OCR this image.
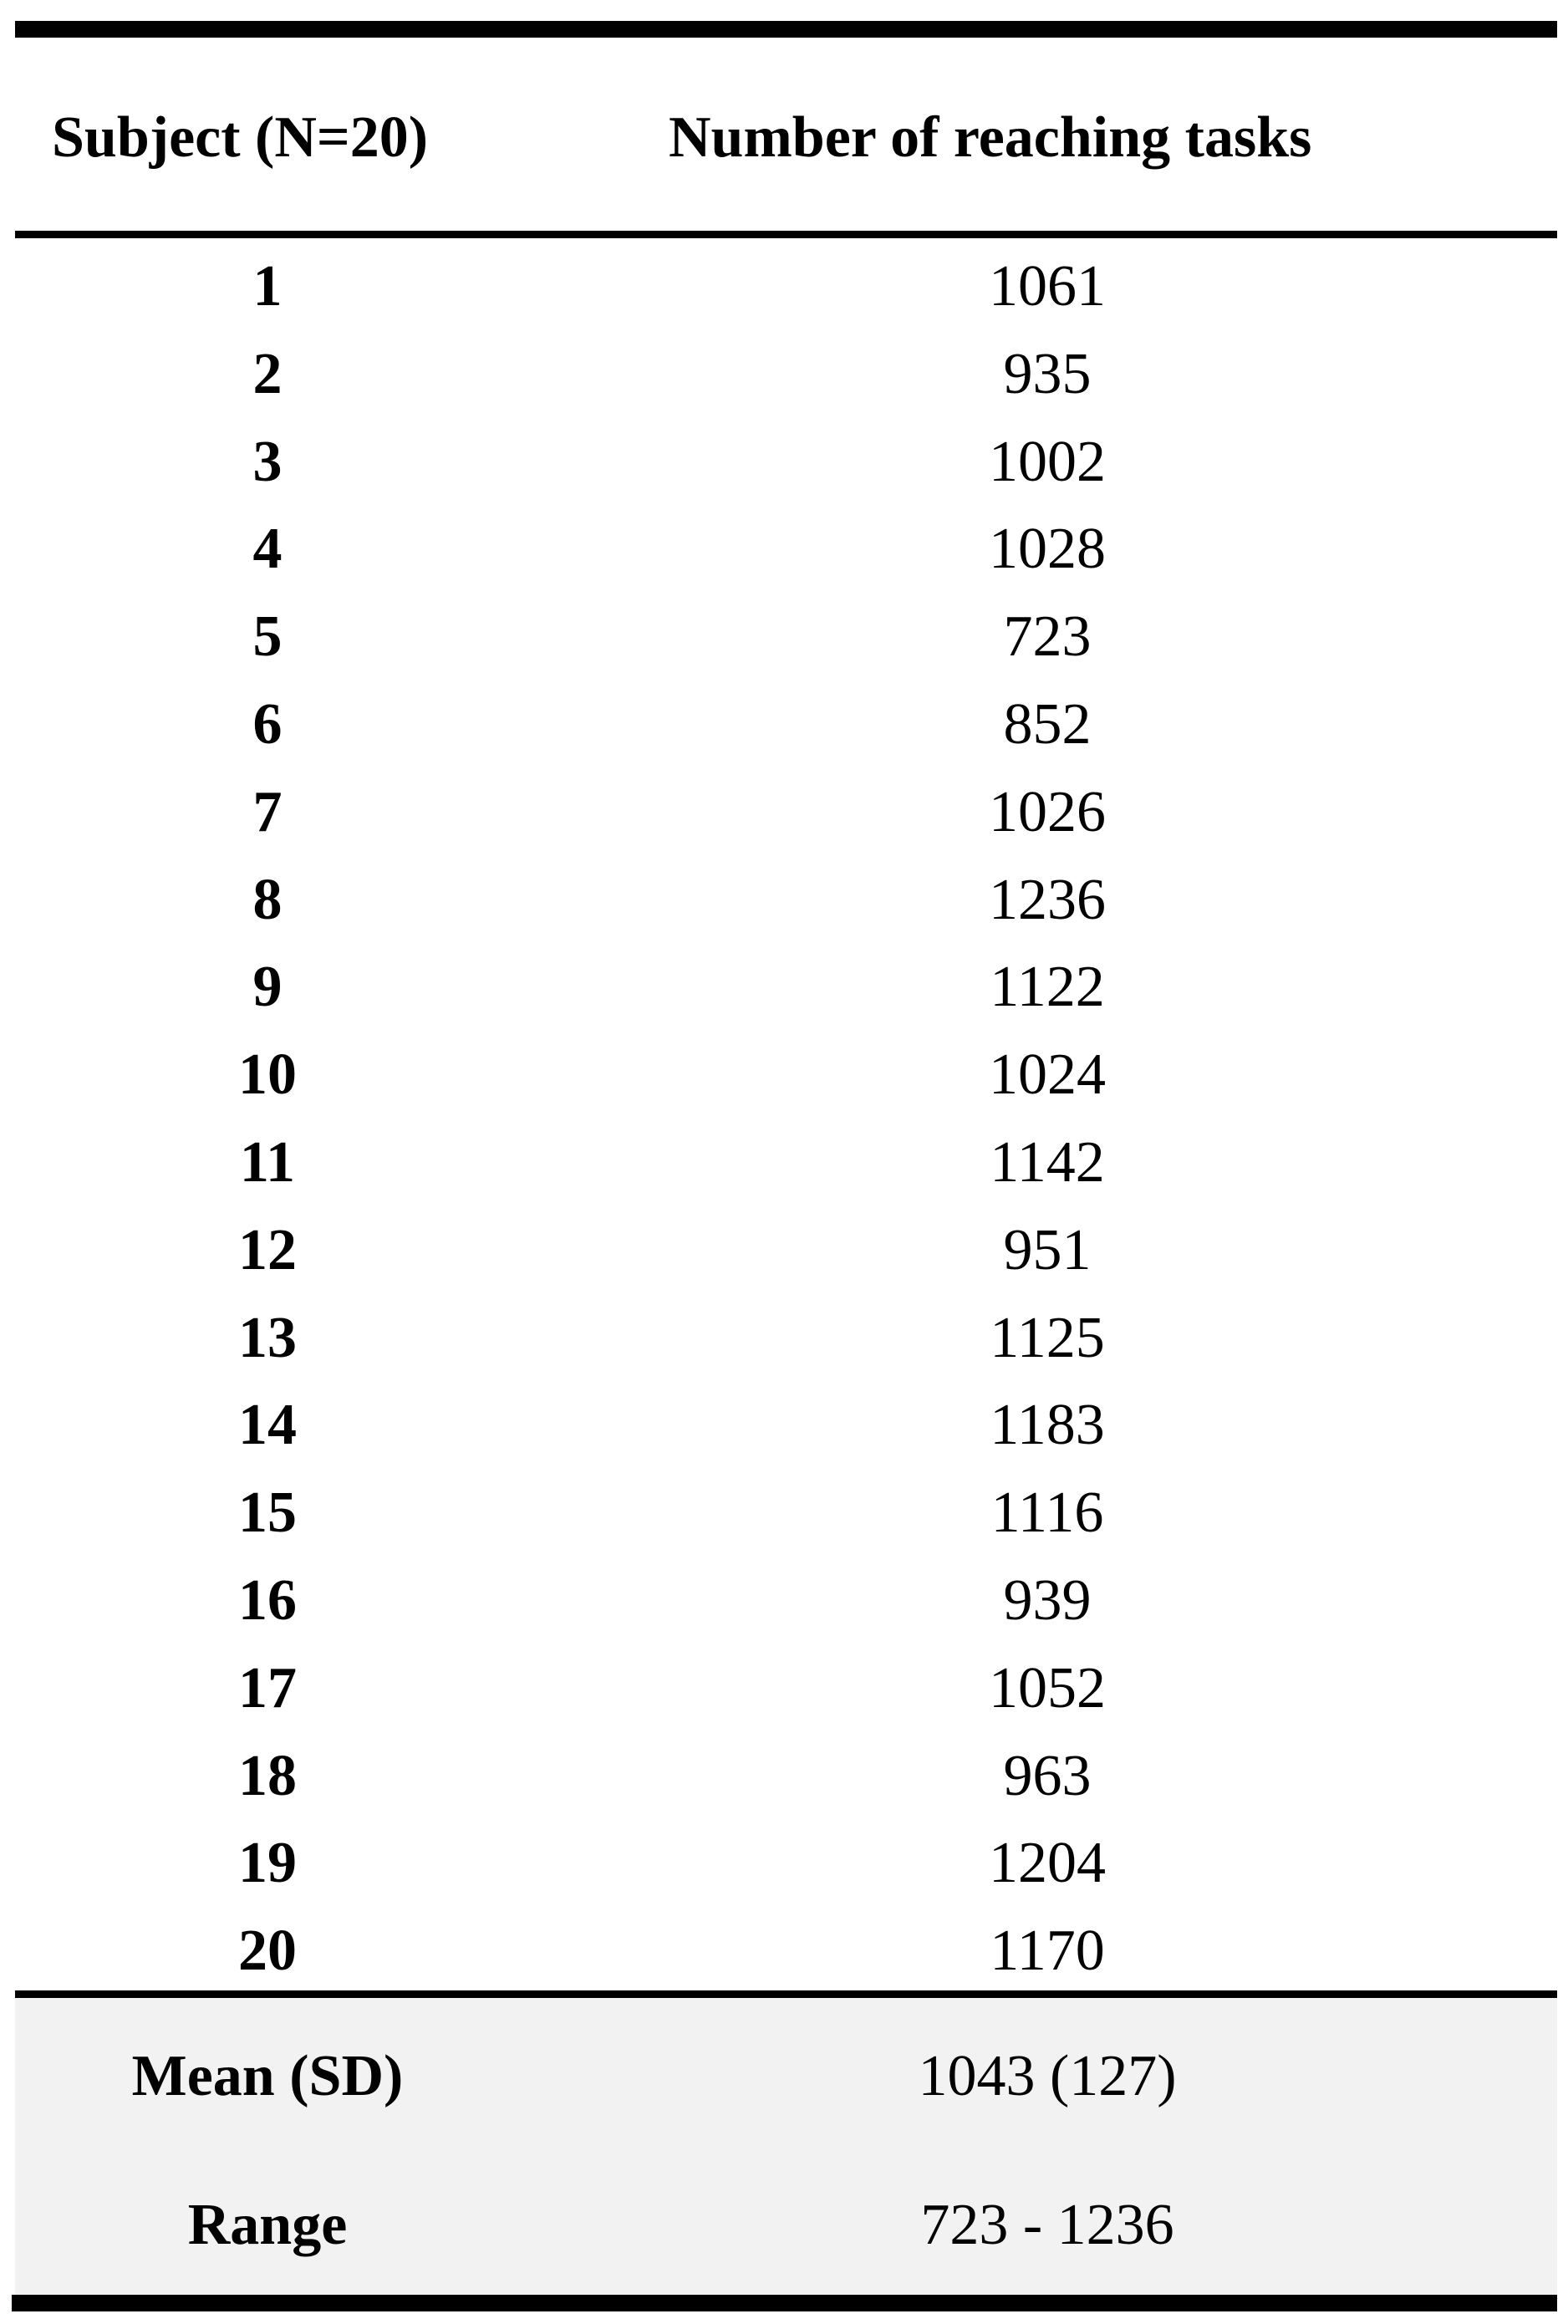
Subject (N=20)	Number of reaching tasks
1	1061
2	935
3	1002
4	1028
5	723
6	852
7	1026
8	1236
9	1122
10	1024
11	1142
12	951
13	1125
14	1183
15	1116
16	939
17	1052
18	963
19	1204
20	1170
Mean (SD)	1043 (127)
Range	723 - 1236
